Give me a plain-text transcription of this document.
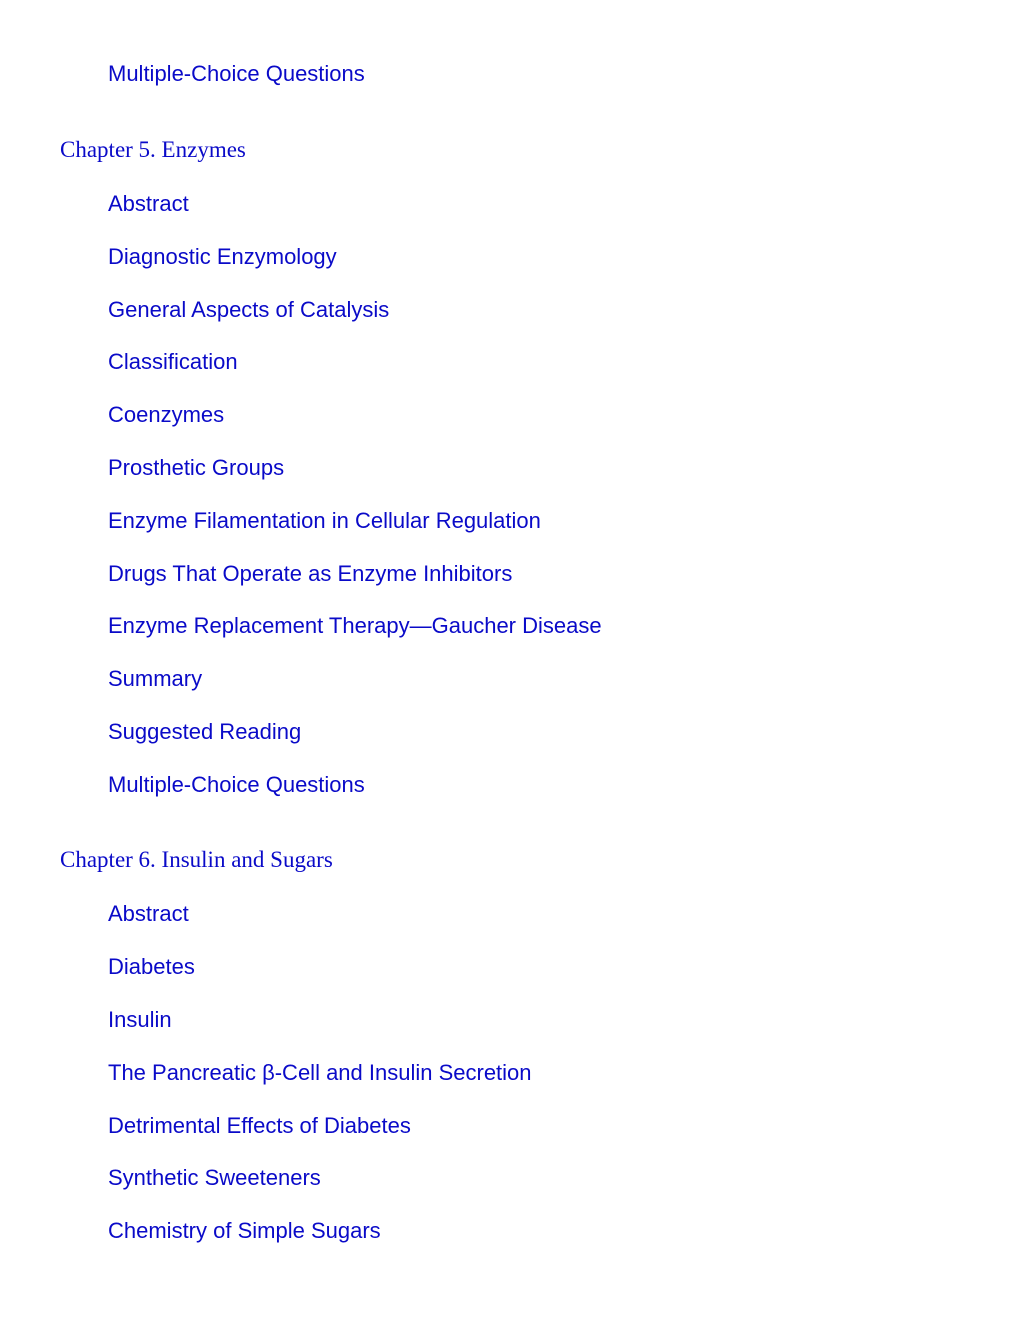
Multiple-Choice Questions
Chapter 5. Enzymes
Abstract
Diagnostic Enzymology
General Aspects of Catalysis
Classification
Coenzymes
Prosthetic Groups
Enzyme Filamentation in Cellular Regulation
Drugs That Operate as Enzyme Inhibitors
Enzyme Replacement Therapy—Gaucher Disease
Summary
Suggested Reading
Multiple-Choice Questions
Chapter 6. Insulin and Sugars
Abstract
Diabetes
Insulin
The Pancreatic β-Cell and Insulin Secretion
Detrimental Effects of Diabetes
Synthetic Sweeteners
Chemistry of Simple Sugars
